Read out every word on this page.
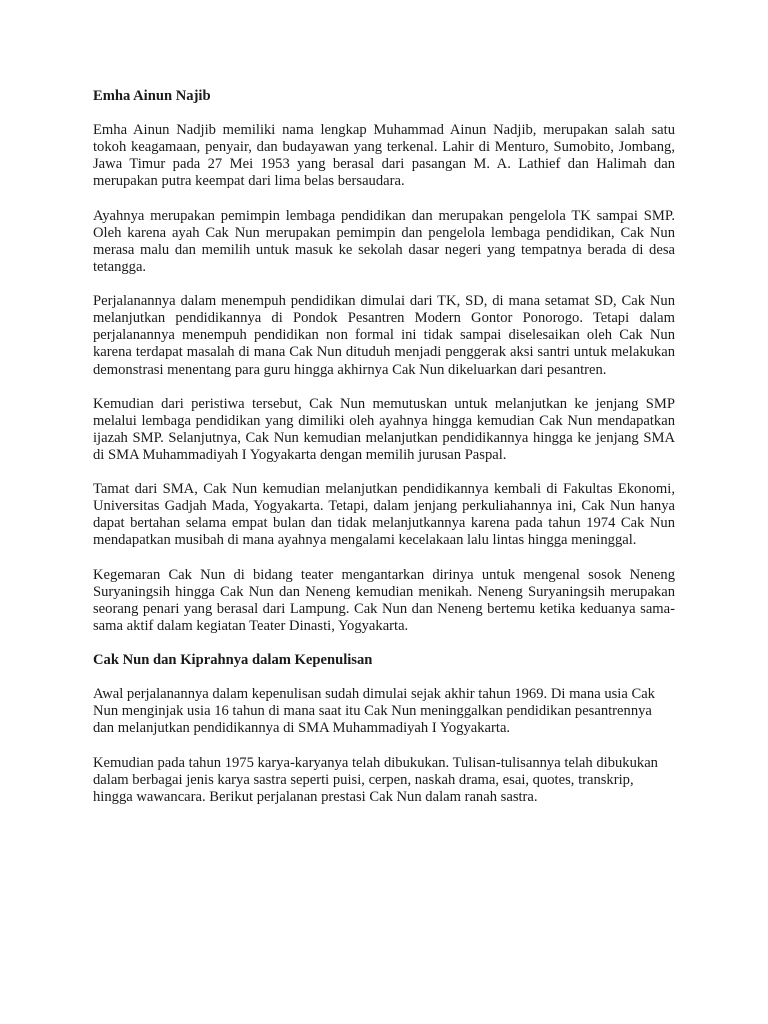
Emha Ainun Najib

Emha Ainun Nadjib memiliki nama lengkap Muhammad Ainun Nadjib, merupakan salah satu tokoh keagamaan, penyair, dan budayawan yang terkenal. Lahir di Menturo, Sumobito, Jombang, Jawa Timur pada 27 Mei 1953 yang berasal dari pasangan M. A. Lathief dan Halimah dan merupakan putra keempat dari lima belas bersaudara.

Ayahnya merupakan pemimpin lembaga pendidikan dan merupakan pengelola TK sampai SMP. Oleh karena ayah Cak Nun merupakan pemimpin dan pengelola lembaga pendidikan, Cak Nun merasa malu dan memilih untuk masuk ke sekolah dasar negeri yang tempatnya berada di desa tetangga.

Perjalanannya dalam menempuh pendidikan dimulai dari TK, SD, di mana setamat SD, Cak Nun melanjutkan pendidikannya di Pondok Pesantren Modern Gontor Ponorogo. Tetapi dalam perjalanannya menempuh pendidikan non formal ini tidak sampai diselesaikan oleh Cak Nun karena terdapat masalah di mana Cak Nun dituduh menjadi penggerak aksi santri untuk melakukan demonstrasi menentang para guru hingga akhirnya Cak Nun dikeluarkan dari pesantren.

Kemudian dari peristiwa tersebut, Cak Nun memutuskan untuk melanjutkan ke jenjang SMP melalui lembaga pendidikan yang dimiliki oleh ayahnya hingga kemudian Cak Nun mendapatkan ijazah SMP. Selanjutnya, Cak Nun kemudian melanjutkan pendidikannya hingga ke jenjang SMA di SMA Muhammadiyah I Yogyakarta dengan memilih jurusan Paspal.

Tamat dari SMA, Cak Nun kemudian melanjutkan pendidikannya kembali di Fakultas Ekonomi, Universitas Gadjah Mada, Yogyakarta. Tetapi, dalam jenjang perkuliahannya ini, Cak Nun hanya dapat bertahan selama empat bulan dan tidak melanjutkannya karena pada tahun 1974 Cak Nun mendapatkan musibah di mana ayahnya mengalami kecelakaan lalu lintas hingga meninggal.

Kegemaran Cak Nun di bidang teater mengantarkan dirinya untuk mengenal sosok Neneng Suryaningsih hingga Cak Nun dan Neneng kemudian menikah. Neneng Suryaningsih merupakan seorang penari yang berasal dari Lampung. Cak Nun dan Neneng bertemu ketika keduanya sama-sama aktif dalam kegiatan Teater Dinasti, Yogyakarta.

Cak Nun dan Kiprahnya dalam Kepenulisan

Awal perjalanannya dalam kepenulisan sudah dimulai sejak akhir tahun 1969. Di mana usia Cak Nun menginjak usia 16 tahun di mana saat itu Cak Nun meninggalkan pendidikan pesantrennya dan melanjutkan pendidikannya di SMA Muhammadiyah I Yogyakarta.

Kemudian pada tahun 1975 karya-karyanya telah dibukukan. Tulisan-tulisannya telah dibukukan dalam berbagai jenis karya sastra seperti puisi, cerpen, naskah drama, esai, quotes, transkrip, hingga wawancara. Berikut perjalanan prestasi Cak Nun dalam ranah sastra.
